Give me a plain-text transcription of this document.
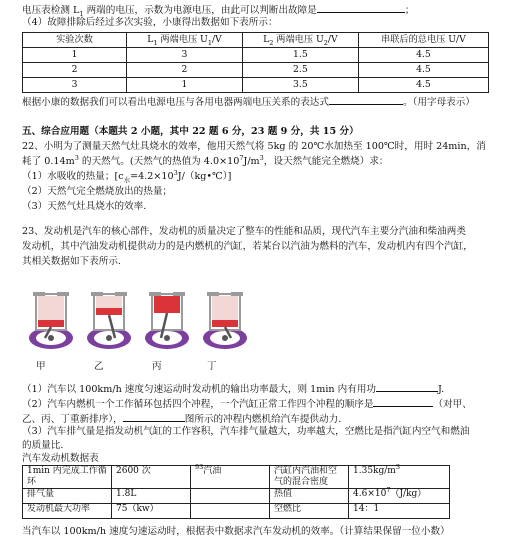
电压表检测 $L_1$ 两端的电压，示数为电源电压，由此可以判断出故障是	；
（4）故障排除后经过多次实验，小康得出数据如下表所示：
实验次数	$L_1$ 两端电压 $U_1/V$	$L_2$ 两端电压 $U_2/V$	串联后的总电压 U/V
1	3	1.5	4.5
2	2	2.5	4.5
3	1	3.5	4.5
根据小康的数据我们可以看出电源电压与各用电器两端电压关系的表达式	。（用字母表示）
五、综合应用题（本题共 2 小题，其中 22 题 6 分，23 题 9 分，共 15 分）
22、小明为了测量天然气灶具烧水的效率，他用天然气将 5kg 的 20℃水加热至 100℃时，用时 24min，消
耗了 $0.14m^3$ 的天然气。(天然气的热值为 $4.0\times 10^7J/m^3$，设天然气能完全燃烧）求：
（1）水吸收的热量；$[c_水=4.2\times 10^3J/(kg•℃)]$
（2）天然气完全燃烧放出的热量；
（3）天然气灶具烧水的效率.
23、发动机是汽车的核心部件，发动机的质量决定了整车的性能和品质，现代汽车主要分汽油和柴油两类
发动机，其中汽油发动机提供动力的是内燃机的汽缸，若某台以汽油为燃料的汽车，发动机内有四个汽缸，
其相关数据如下表所示.
甲	乙	丙	丁
（1）汽车以 100km/h 速度匀速运动时发动机的输出功率最大，则 1min 内有用功	J.
（2）汽车内燃机一个工作循环包括四个冲程，一个汽缸正常工作四个冲程的顺序是	（对甲、
乙、丙、丁重新排序），	图所示的冲程内燃机给汽车提供动力.
（3）汽车排气量是指发动机气缸的工作容积，汽车排气量越大，功率越大，空燃比是指汽缸内空气和燃油
的质量比.
汽车发动机数据表
1min 内完成工作循环	2600 次	$^{93}$汽油	汽缸内汽油和空气的混合密度	$1.35kg/m^3$
排气量	1.8L		热值	$4.6\times 10^7(J/kg)$
发动机最大功率	75（kw）		空燃比	14：1
当汽车以 100km/h 速度匀速运动时，根据表中数据求汽车发动机的效率。（计算结果保留一位小数）
